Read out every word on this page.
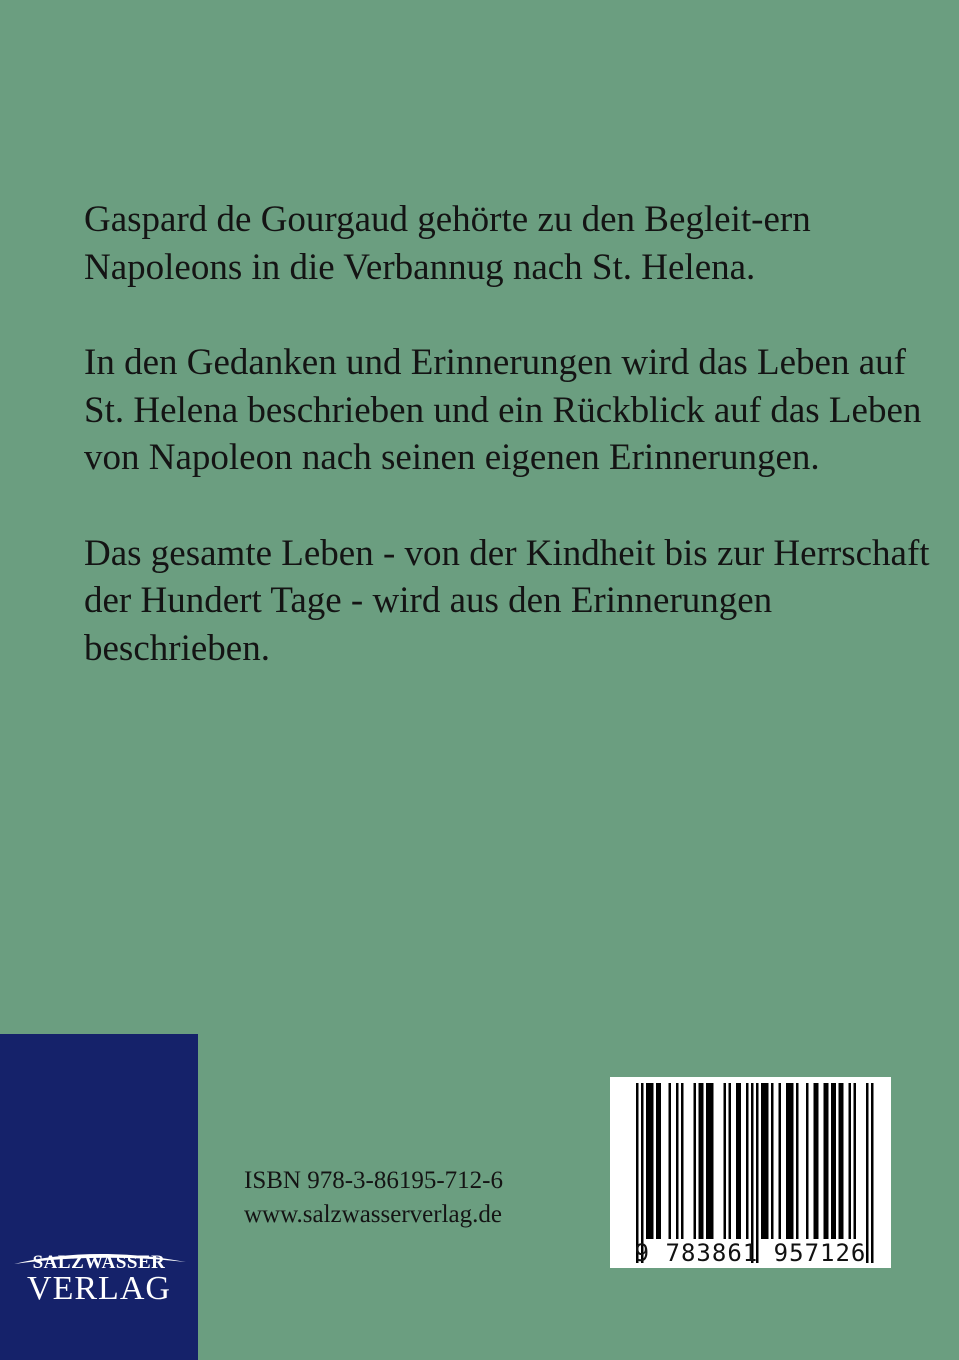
Gaspard de Gourgaud gehörte zu den Begleit-ern Napoleons in die Verbannug nach St. Helena.

In den Gedanken und Erinnerungen wird das Leben auf St. Helena beschrieben und ein Rückblick auf das Leben von Napoleon nach seinen eigenen Erinnerungen.

Das gesamte Leben - von der Kindheit bis zur Herrschaft der Hundert Tage - wird aus den Erinnerungen beschrieben.

SALZWASSER
VERLAG
ISBN 978-3-86195-712-6
www.salzwasserverlag.de
9 783861 957126
